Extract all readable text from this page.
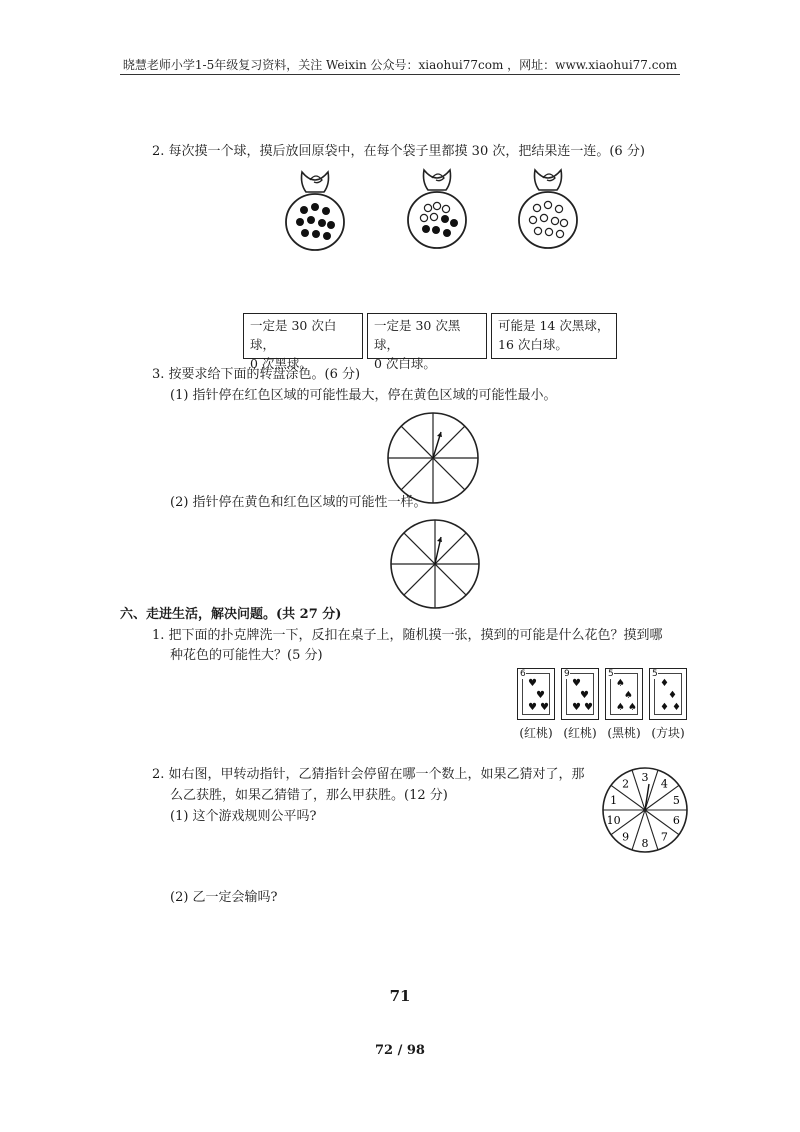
晓慧老师小学1-5年级复习资料，关注 Weixin 公众号：xiaohui77com ，网址：www.xiaohui77.com
2. 每次摸一个球，摸后放回原袋中，在每个袋子里都摸 30 次，把结果连一连。(6 分)
一定是 30 次白球，
0 次黑球。
一定是 30 次黑球，
0 次白球。
可能是 14 次黑球，
16 次白球。
3. 按要求给下面的转盘涂色。(6 分)
(1) 指针停在红色区域的可能性最大，停在黄色区域的可能性最小。
(2) 指针停在黄色和红色区域的可能性一样。
六、走进生活，解决问题。(共 27 分)
1. 把下面的扑克牌洗一下，反扣在桌子上，随机摸一张，摸到的可能是什么花色？摸到哪
种花色的可能性大？(5 分)
6
♥
♥
♥ ♥
(红桃)
9
♥
♥
♥ ♥
(红桃)
5
♠
♠
♠ ♠
(黑桃)
5
♦
♦
♦ ♦
(方块)
2. 如右图，甲转动指针，乙猜指针会停留在哪一个数上，如果乙猜对了，那
么乙获胜，如果乙猜错了，那么甲获胜。(12 分)
(1) 这个游戏规则公平吗?
1
2 3 4
5
6
7
8
9
10
(2) 乙一定会输吗?
71
72 / 98
